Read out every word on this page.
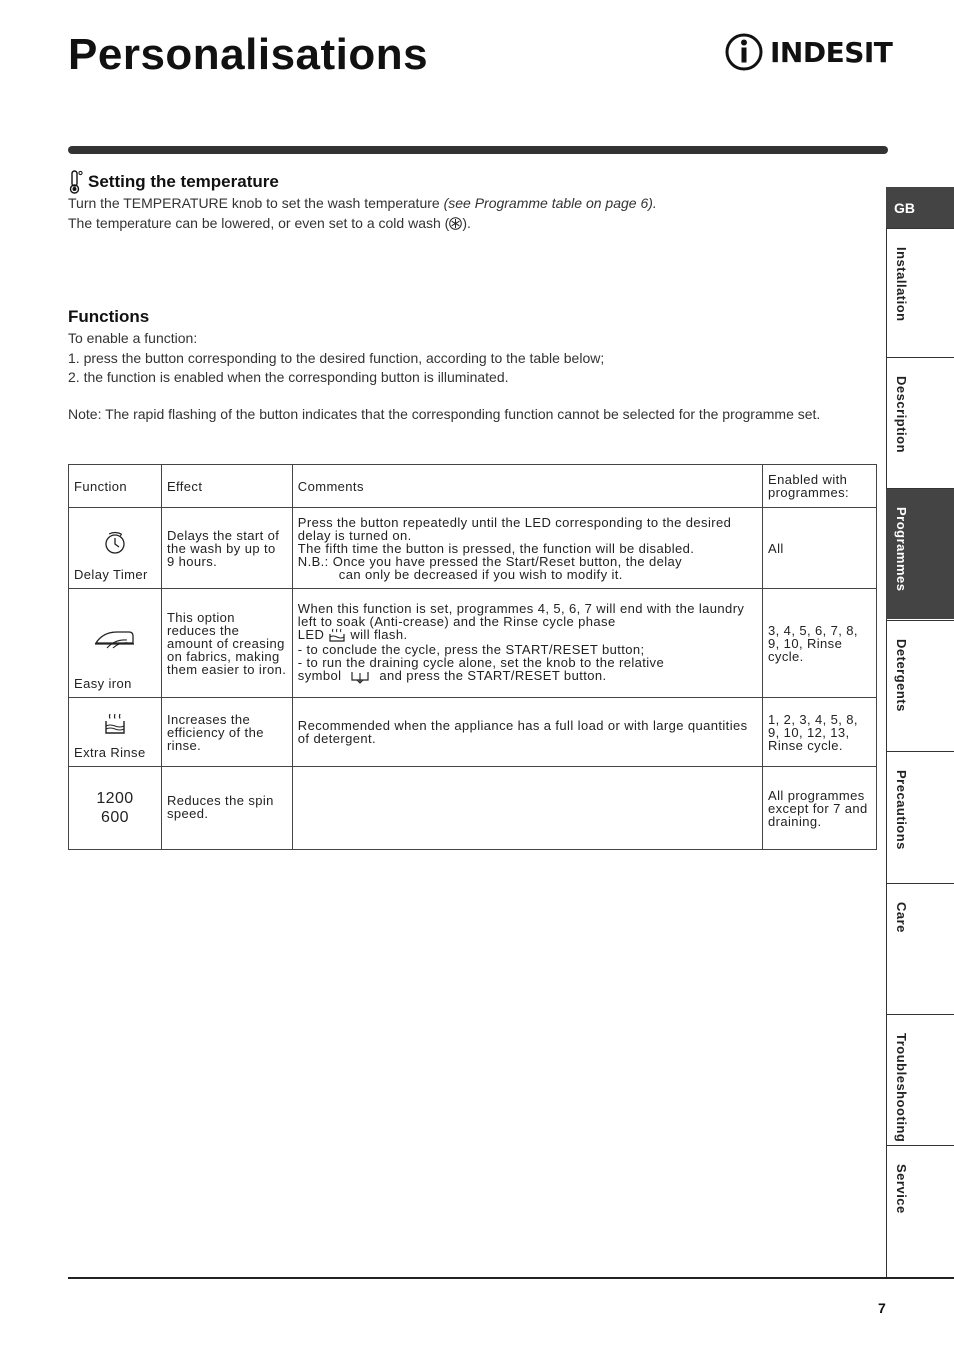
Personalisations	INDESIT
Setting the temperature
Turn the TEMPERATURE knob to set the wash temperature (see Programme table on page 6).
The temperature can be lowered, or even set to a cold wash ( ).
Functions
To enable a function:
1. press the button corresponding to the desired function, according to the table below;
2. the function is enabled when the corresponding button is illuminated.
Note: The rapid flashing of the button indicates that the corresponding function cannot be selected for the programme set.
Function	Effect	Comments	Enabled with programmes:

Delay Timer	Delays the start of the wash by up to 9 hours.	Press the button repeatedly until the LED corresponding to the desired delay is turned on.
The fifth time the button is pressed, the function will be disabled.
N.B.: Once you have pressed the Start/Reset button, the delay
can only be decreased if you wish to modify it.	All

Easy iron	This option reduces the amount of creasing on fabrics, making them easier to iron.	When this function is set, programmes 4, 5, 6, 7 will end with the laundry left to soak (Anti-crease) and the Rinse cycle phase
LED will flash.
- to conclude the cycle, press the START/RESET button;
- to run the draining cycle alone, set the knob to the relative
symbol and press the START/RESET button.	3, 4, 5, 6, 7, 8, 9, 10, Rinse cycle.

Extra Rinse	Increases the efficiency of the rinse.	Recommended when the appliance has a full load or with large quantities of detergent.	1, 2, 3, 4, 5, 8, 9, 10, 12, 13, Rinse cycle.
1200
600	Reduces the spin speed.		All programmes except for 7 and draining.
GB
Installation
Description
Programmes
Detergents
Precautions
Care
Troubleshooting
Service
7
